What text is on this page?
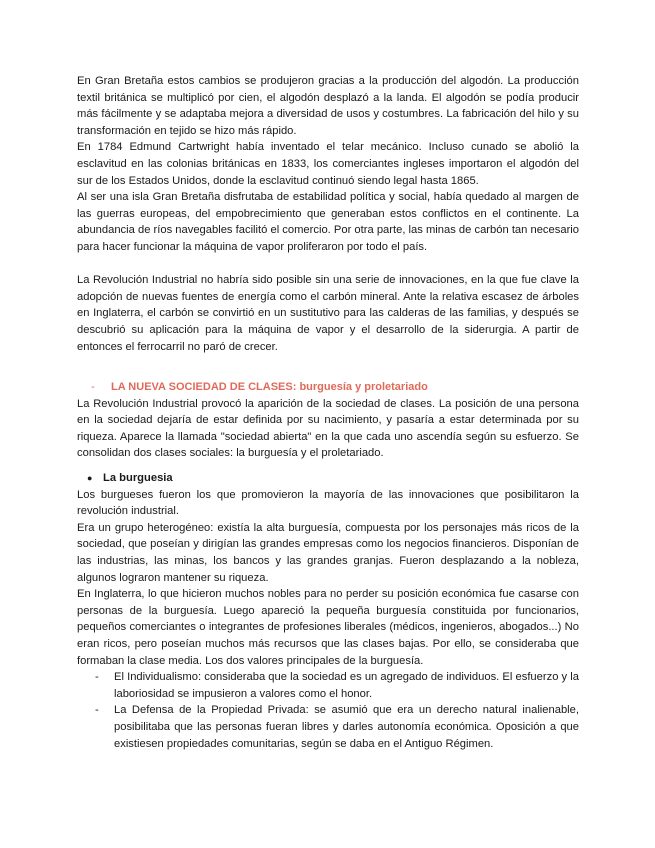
En Gran Bretaña estos cambios se produjeron gracias a la producción del algodón. La producción textil británica se multiplicó por cien, el algodón desplazó a la landa. El algodón se podía producir más fácilmente y se adaptaba mejora a diversidad de usos y costumbres. La fabricación del hilo y su transformación en tejido se hizo más rápido.

En 1784 Edmund Cartwright había inventado el telar mecánico. Incluso cunado se abolió la esclavitud en las colonias británicas en 1833, los comerciantes ingleses importaron el algodón del sur de los Estados Unidos, donde la esclavitud continuó siendo legal hasta 1865.

Al ser una isla Gran Bretaña disfrutaba de estabilidad política y social, había quedado al margen de las guerras europeas, del empobrecimiento que generaban estos conflictos en el continente. La abundancia de ríos navegables facilitó el comercio. Por otra parte, las minas de carbón tan necesario para hacer funcionar la máquina de vapor proliferaron por todo el país.

La Revolución Industrial no habría sido posible sin una serie de innovaciones, en la que fue clave la adopción de nuevas fuentes de energía como el carbón mineral. Ante la relativa escasez de árboles en Inglaterra, el carbón se convirtió en un sustitutivo para las calderas de las familias, y después se descubrió su aplicación para la máquina de vapor y el desarrollo de la siderurgia. A partir de entonces el ferrocarril no paró de crecer.

-	LA NUEVA SOCIEDAD DE CLASES: burguesía y proletariado

La Revolución Industrial provocó la aparición de la sociedad de clases. La posición de una persona en la sociedad dejaría de estar definida por su nacimiento, y pasaría a estar determinada por su riqueza. Aparece la llamada "sociedad abierta" en la que cada uno ascendía según su esfuerzo. Se consolidan dos clases sociales: la burguesía y el proletariado.

● La burguesia

Los burgueses fueron los que promovieron la mayoría de las innovaciones que posibilitaron la revolución industrial.

Era un grupo heterogéneo: existía la alta burguesía, compuesta por los personajes más ricos de la sociedad, que poseían y dirigían las grandes empresas como los negocios financieros. Disponían de las industrias, las minas, los bancos y las grandes granjas. Fueron desplazando a la nobleza, algunos lograron mantener su riqueza.

En Inglaterra, lo que hicieron muchos nobles para no perder su posición económica fue casarse con personas de la burguesía. Luego apareció la pequeña burguesía constituida por funcionarios, pequeños comerciantes o integrantes de profesiones liberales (médicos, ingenieros, abogados...) No eran ricos, pero poseían muchos más recursos que las clases bajas. Por ello, se consideraba que formaban la clase media. Los dos valores principales de la burguesía.

-	El Individualismo: consideraba que la sociedad es un agregado de individuos. El esfuerzo y la laboriosidad se impusieron a valores como el honor.
-	La Defensa de la Propiedad Privada: se asumió que era un derecho natural inalienable, posibilitaba que las personas fueran libres y darles autonomía económica. Oposición a que existiesen propiedades comunitarias, según se daba en el Antiguo Régimen.
